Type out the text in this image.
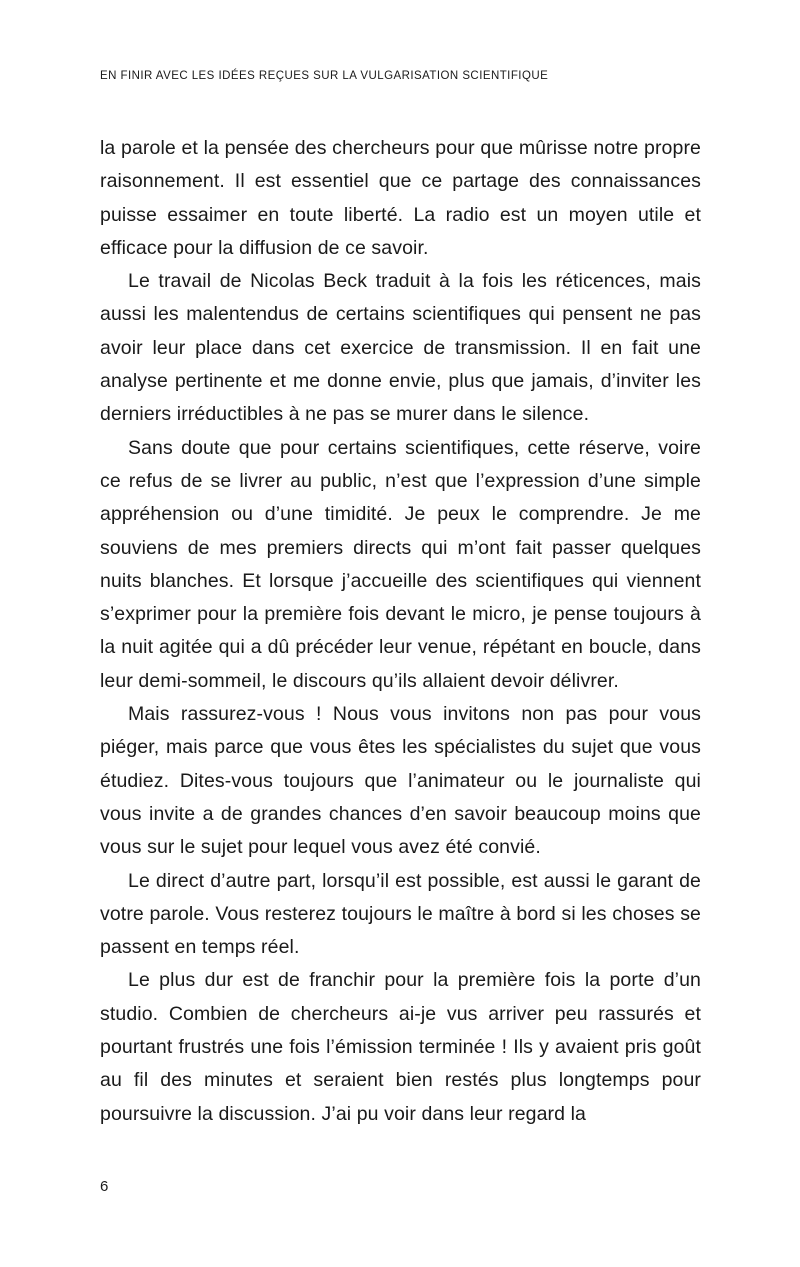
EN FINIR AVEC LES IDÉES REÇUES SUR LA VULGARISATION SCIENTIFIQUE

la parole et la pensée des chercheurs pour que mûrisse notre propre raisonnement. Il est essentiel que ce partage des connaissances puisse essaimer en toute liberté. La radio est un moyen utile et efficace pour la diffusion de ce savoir.

Le travail de Nicolas Beck traduit à la fois les réticences, mais aussi les malentendus de certains scientifiques qui pensent ne pas avoir leur place dans cet exercice de transmission. Il en fait une analyse pertinente et me donne envie, plus que jamais, d’inviter les derniers irréductibles à ne pas se murer dans le silence.

Sans doute que pour certains scientifiques, cette réserve, voire ce refus de se livrer au public, n’est que l’expression d’une simple appréhension ou d’une timidité. Je peux le comprendre. Je me souviens de mes premiers directs qui m’ont fait passer quelques nuits blanches. Et lorsque j’accueille des scientifiques qui viennent s’exprimer pour la première fois devant le micro, je pense toujours à la nuit agitée qui a dû précéder leur venue, répétant en boucle, dans leur demi-sommeil, le discours qu’ils allaient devoir délivrer.

Mais rassurez-vous ! Nous vous invitons non pas pour vous piéger, mais parce que vous êtes les spécialistes du sujet que vous étudiez. Dites-vous toujours que l’animateur ou le journaliste qui vous invite a de grandes chances d’en savoir beaucoup moins que vous sur le sujet pour lequel vous avez été convié.

Le direct d’autre part, lorsqu’il est possible, est aussi le garant de votre parole. Vous resterez toujours le maître à bord si les choses se passent en temps réel.

Le plus dur est de franchir pour la première fois la porte d’un studio. Combien de chercheurs ai-je vus arriver peu rassurés et pourtant frustrés une fois l’émission terminée ! Ils y avaient pris goût au fil des minutes et seraient bien restés plus longtemps pour poursuivre la discussion. J’ai pu voir dans leur regard la

6
